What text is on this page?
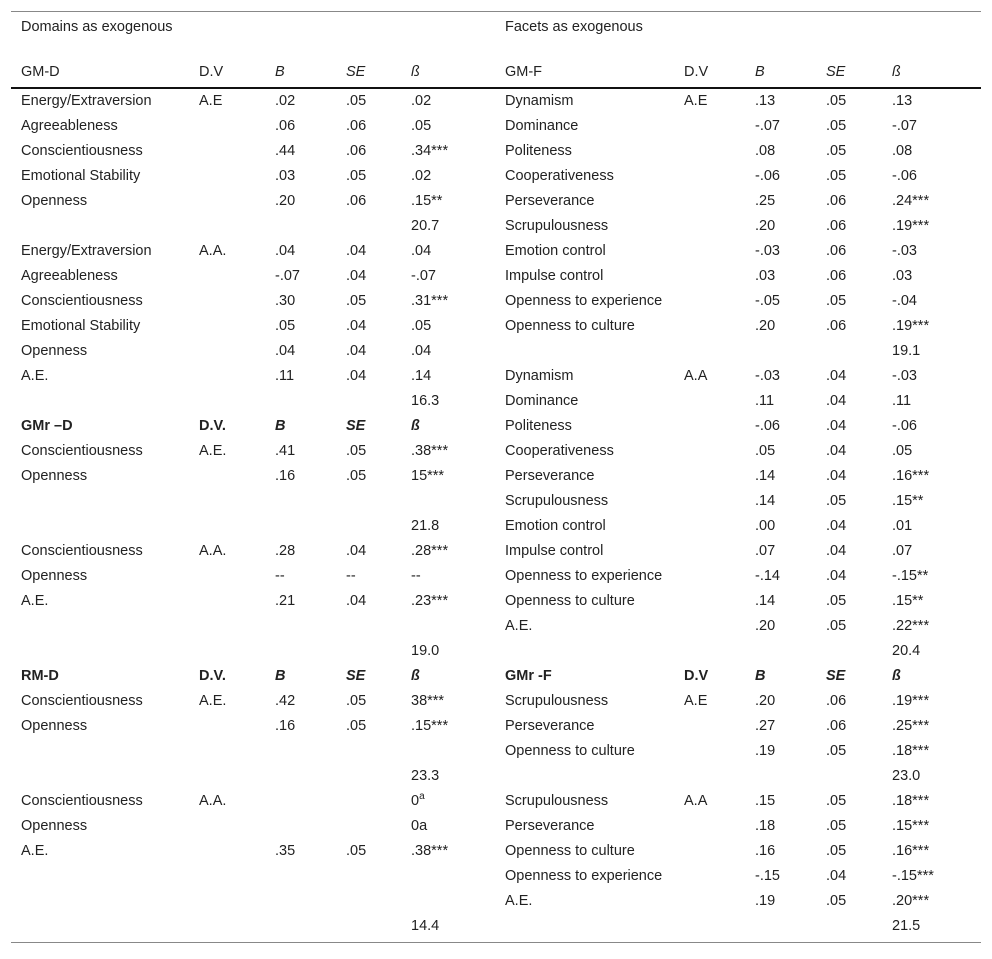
Domains as exogenous					Facets as exogenous				
GM-D	D.V	B	SE	ß	GM-F	D.V	B	SE	ß
Energy/Extraversion	A.E	.02	.05	.02	Dynamism	A.E	.13	.05	.13
Agreeableness		.06	.06	.05	Dominance		-.07	.05	-.07
Conscientiousness		.44	.06	.34***	Politeness		.08	.05	.08
Emotional Stability		.03	.05	.02	Cooperativeness		-.06	.05	-.06
Openness		.20	.06	.15**	Perseverance		.25	.06	.24***
				20.7	Scrupulousness		.20	.06	.19***
Energy/Extraversion	A.A.	.04	.04	.04	Emotion control		-.03	.06	-.03
Agreeableness		-.07	.04	-.07	Impulse control		.03	.06	.03
Conscientiousness		.30	.05	.31***	Openness to experience		-.05	.05	-.04
Emotional Stability		.05	.04	.05	Openness to culture		.20	.06	.19***
Openness		.04	.04	.04					19.1
A.E.		.11	.04	.14	Dynamism	A.A	-.03	.04	-.03
				16.3	Dominance		.11	.04	.11
GMr –D	D.V.	B	SE	ß	Politeness		-.06	.04	-.06
Conscientiousness	A.E.	.41	.05	.38***	Cooperativeness		.05	.04	.05
Openness		.16	.05	15***	Perseverance		.14	.04	.16***
					Scrupulousness		.14	.05	.15**
				21.8	Emotion control		.00	.04	.01
Conscientiousness	A.A.	.28	.04	.28***	Impulse control		.07	.04	.07
Openness		--	--	--	Openness to experience		-.14	.04	-.15**
A.E.		.21	.04	.23***	Openness to culture		.14	.05	.15**
					A.E.		.20	.05	.22***
				19.0					20.4
RM-D	D.V.	B	SE	ß	GMr -F	D.V	B	SE	ß
Conscientiousness	A.E.	.42	.05	38***	Scrupulousness	A.E	.20	.06	.19***
Openness		.16	.05	.15***	Perseverance		.27	.06	.25***
					Openness to culture		.19	.05	.18***
				23.3					23.0
Conscientiousness	A.A.			0$^a$	Scrupulousness	A.A	.15	.05	.18***
Openness				0a	Perseverance		.18	.05	.15***
A.E.		.35	.05	.38***	Openness to culture		.16	.05	.16***
					Openness to experience		-.15	.04	-.15***
					A.E.		.19	.05	.20***
				14.4					21.5
